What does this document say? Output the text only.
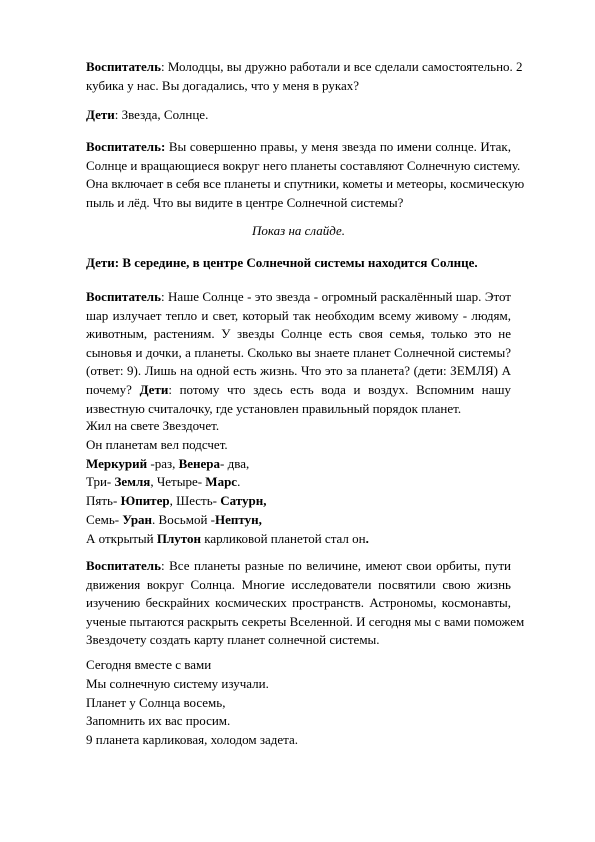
Воспитатель: Молодцы, вы дружно работали и все сделали самостоятельно. 2
кубика у нас. Вы догадались, что у меня в руках?

Дети: Звезда, Солнце.

Воспитатель: Вы совершенно правы, у меня звезда по имени солнце. Итак,
Солнце и вращающиеся вокруг него планеты составляют Солнечную систему.
Она включает в себя все планеты и спутники, кометы и метеоры, космическую
пыль и лёд. Что вы видите в центре Солнечной системы?

Показ на слайде.

Дети: В середине, в центре Солнечной системы находится Солнце.

Воспитатель: Наше Солнце - это звезда - огромный раскалённый шар. Этот
шар излучает тепло и свет, который так необходим всему живому - людям,
животным, растениям. У звезды Солнце есть своя семья, только это не
сыновья и дочки, а планеты. Сколько вы знаете планет Солнечной системы?
(ответ: 9). Лишь на одной есть жизнь. Что это за планета? (дети: ЗЕМЛЯ) А
почему? Дети: потому что здесь есть вода и воздух. Вспомним нашу
известную считалочку, где установлен правильный порядок планет.

Жил на свете Звездочет.
Он планетам вел подсчет.
Меркурий -раз, Венера- два,
Три- Земля, Четыре- Марс.
Пять- Юпитер, Шесть- Сатурн,
Семь- Уран. Восьмой -Нептун,
А открытый Плутон карликовой планетой стал он.

Воспитатель: Все планеты разные по величине, имеют свои орбиты, пути
движения вокруг Солнца. Многие исследователи посвятили свою жизнь
изучению бескрайних космических пространств. Астрономы, космонавты,
ученые пытаются раскрыть секреты Вселенной. И сегодня мы с вами поможем
Звездочету создать карту планет солнечной системы.

Сегодня вместе с вами
Мы солнечную систему изучали.
Планет у Солнца восемь,
Запомнить их вас просим.
9 планета карликовая, холодом задета.
